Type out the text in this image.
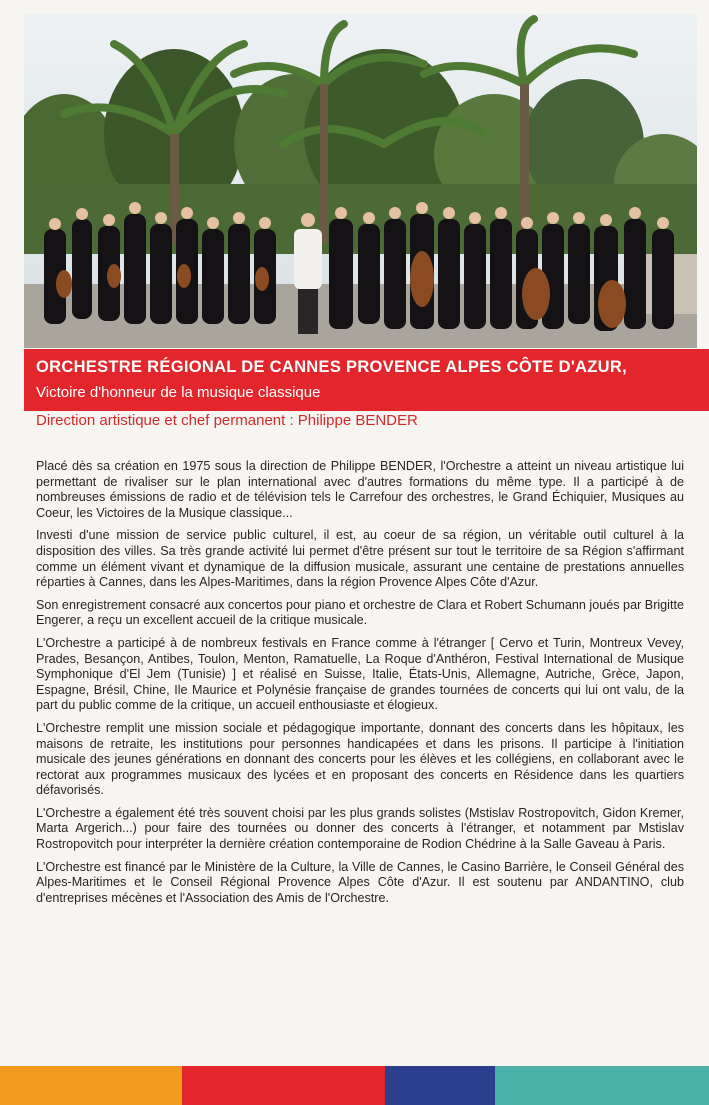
ORCHESTRE RÉGIONAL DE CANNES PROVENCE ALPES CÔTE D'AZUR,
Victoire d'honneur de la musique classique
Direction artistique et chef permanent : Philippe BENDER

Placé dès sa création en 1975 sous la direction de Philippe BENDER, l'Orchestre a atteint un niveau artistique lui permettant de rivaliser sur le plan international avec d'autres formations du même type. Il a participé à de nombreuses émissions de radio et de télévision tels le Carrefour des orchestres, le Grand Échiquier, Musiques au Coeur, les Victoires de la Musique classique...

Investi d'une mission de service public culturel, il est, au coeur de sa région, un véritable outil culturel à la disposition des villes. Sa très grande activité lui permet d'être présent sur tout le territoire de sa Région s'affirmant comme un élément vivant et dynamique de la diffusion musicale, assurant une centaine de prestations annuelles réparties à Cannes, dans les Alpes-Maritimes, dans la région Provence Alpes Côte d'Azur.

Son enregistrement consacré aux concertos pour piano et orchestre de Clara et Robert Schumann joués par Brigitte Engerer, a reçu un excellent accueil de la critique musicale.

L'Orchestre a participé à de nombreux festivals en France comme à l'étranger [ Cervo et Turin, Montreux Vevey, Prades, Besançon, Antibes, Toulon, Menton, Ramatuelle, La Roque d'Anthéron, Festival International de Musique Symphonique d'El Jem (Tunisie) ] et réalisé en Suisse, Italie, États-Unis, Allemagne, Autriche, Grèce, Japon, Espagne, Brésil, Chine, Ile Maurice et Polynésie française de grandes tournées de concerts qui lui ont valu, de la part du public comme de la critique, un accueil enthousiaste et élogieux.

L'Orchestre remplit une mission sociale et pédagogique importante, donnant des concerts dans les hôpitaux, les maisons de retraite, les institutions pour personnes handicapées et dans les prisons. Il participe à l'initiation musicale des jeunes générations en donnant des concerts pour les élèves et les collégiens, en collaborant avec le rectorat aux programmes musicaux des lycées et en proposant des concerts en Résidence dans les quartiers défavorisés.

L'Orchestre a également été très souvent choisi par les plus grands solistes (Mstislav Rostropovitch, Gidon Kremer, Marta Argerich...) pour faire des tournées ou donner des concerts à l'étranger, et notamment par Mstislav Rostropovitch pour interpréter la dernière création contemporaine de Rodion Chédrine à la Salle Gaveau à Paris.

L'Orchestre est financé par le Ministère de la Culture, la Ville de Cannes, le Casino Barrière, le Conseil Général des Alpes-Maritimes et le Conseil Régional Provence Alpes Côte d'Azur. Il est soutenu par ANDANTINO, club d'entreprises mécènes et l'Association des Amis de l'Orchestre.
